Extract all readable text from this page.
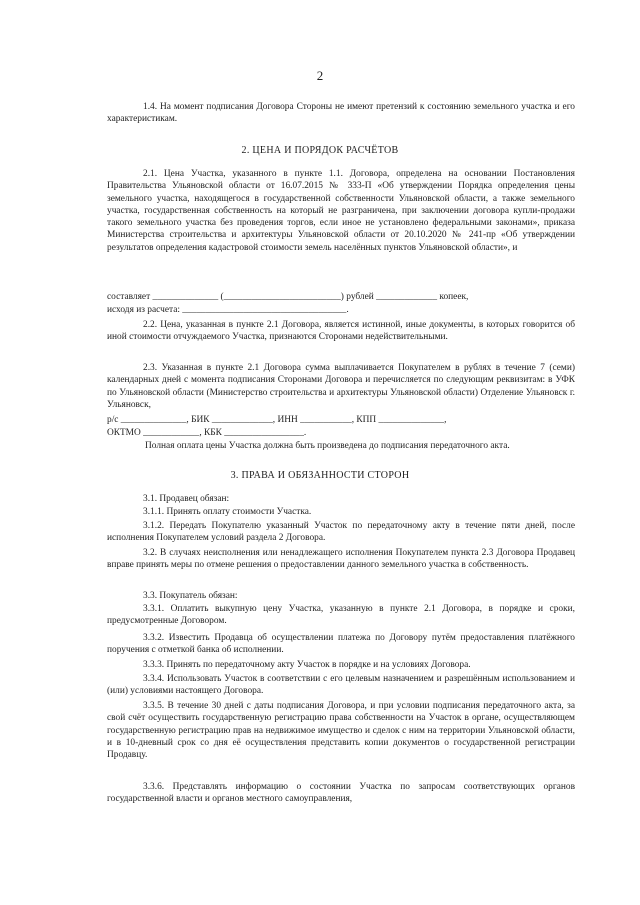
2
1.4. На момент подписания Договора Стороны не имеют претензий к состоянию земельного участка и его характеристикам.
2. ЦЕНА И ПОРЯДОК РАСЧЁТОВ
2.1. Цена Участка, указанного в пункте 1.1. Договора, определена на основании Постановления Правительства Ульяновской области от 16.07.2015 № 333-П «Об утверждении Порядка определения цены земельного участка, находящегося в государственной собственности Ульяновской области, а также земельного участка, государственная собственность на который не разграничена, при заключении договора купли-продажи такого земельного участка без проведения торгов, если иное не установлено федеральными законами», приказа Министерства строительства и архитектуры Ульяновской области от 20.10.2020 № 241-пр «Об утверждении результатов определения кадастровой стоимости земель населённых пунктов Ульяновской области», и
составляет ______________ (_________________________) рублей _____________ копеек,
исходя из расчета: ___________________________________.
2.2. Цена, указанная в пункте 2.1 Договора, является истинной, иные документы, в которых говорится об иной стоимости отчуждаемого Участка, признаются Сторонами недействительными.
2.3. Указанная в пункте 2.1 Договора сумма выплачивается Покупателем в рублях в течение 7 (семи) календарных дней с момента подписания Сторонами Договора и перечисляется по следующим реквизитам: в УФК по Ульяновской области (Министерство строительства и архитектуры Ульяновской области) Отделение Ульяновск г. Ульяновск,
р/с ______________, БИК _____________, ИНН ___________, КПП ______________,
ОКТМО ____________, КБК _________________.
Полная оплата цены Участка должна быть произведена до подписания передаточного акта.
3. ПРАВА И ОБЯЗАННОСТИ СТОРОН
3.1. Продавец обязан:
3.1.1. Принять оплату стоимости Участка.
3.1.2. Передать Покупателю указанный Участок по передаточному акту в течение пяти дней, после исполнения Покупателем условий раздела 2 Договора.
3.2. В случаях неисполнения или ненадлежащего исполнения Покупателем пункта 2.3 Договора Продавец вправе принять меры по отмене решения о предоставлении данного земельного участка в собственность.
3.3. Покупатель обязан:
3.3.1. Оплатить выкупную цену Участка, указанную в пункте 2.1 Договора, в порядке и сроки, предусмотренные Договором.
3.3.2. Известить Продавца об осуществлении платежа по Договору путём предоставления платёжного поручения с отметкой банка об исполнении.
3.3.3. Принять по передаточному акту Участок в порядке и на условиях Договора.
3.3.4. Использовать Участок в соответствии с его целевым назначением и разрешённым использованием и (или) условиями настоящего Договора.
3.3.5. В течение 30 дней с даты подписания Договора, и при условии подписания передаточного акта, за свой счёт осуществить государственную регистрацию права собственности на Участок в органе, осуществляющем государственную регистрацию прав на недвижимое имущество и сделок с ним на территории Ульяновской области, и в 10-дневный срок со дня её осуществления представить копии документов о государственной регистрации Продавцу.
3.3.6. Представлять информацию о состоянии Участка по запросам соответствующих органов государственной власти и органов местного самоуправления,
